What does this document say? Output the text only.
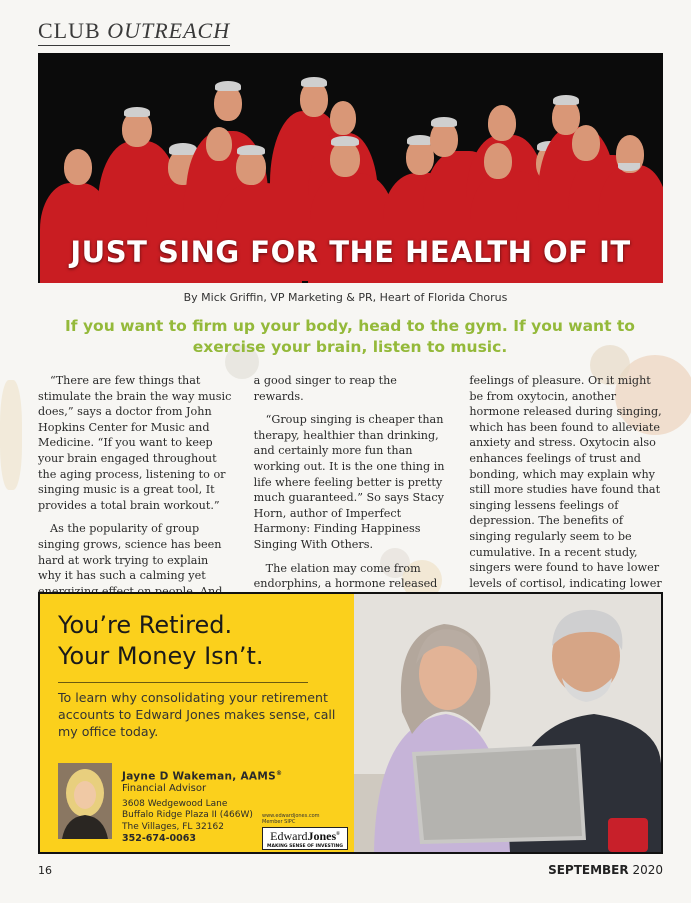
CLUB OUTREACH
JUST SING FOR THE HEALTH OF IT
By Mick Griffin, VP Marketing & PR, Heart of Florida Chorus
If you want to firm up your body, head to the gym. If you want to exercise your brain, listen to music.

“There are few things that stimulate the brain the way music does,” says a doctor from John Hopkins Center for Music and Medicine. “If you want to keep your brain engaged throughout the aging process, listening to or singing music is a great tool, It provides a total brain workout.”

As the popularity of group singing grows, science has been hard at work trying to explain why it has such a calming yet

a good singer to reap the rewards.

“Group singing is cheaper than therapy, healthier than drinking, and certainly more fun than working out. It is the one thing in life where feeling better is pretty much guaranteed.” So says Stacy Horn, author of Imperfect Harmony: Finding Happiness Singing With Others.

The elation may come from endorphins, a hormone released

feelings of pleasure. Or it might be from oxytocin, another hormone released during singing, which has been found to alleviate anxiety and stress. Oxytocin also enhances feelings of trust and bonding, which may explain why still more studies have found that singing lessens feelings of depression. The benefits of singing regularly seem to be cumulative. In a recent study, singers were found to have lower levels of cortisol, indicating lower

You’re Retired.
Your Money Isn’t.
To learn why consolidating your retirement accounts to Edward Jones makes sense, call my office today.
Jayne D Wakeman, AAMS®
Financial Advisor
3608 Wedgewood Lane
Buffalo Ridge Plaza II (466W)
The Villages, FL 32162
352-674-0063
www.edwardjones.com
Member SIPC
EdwardJones®
MAKING SENSE OF INVESTING
16	SEPTEMBER 2020
